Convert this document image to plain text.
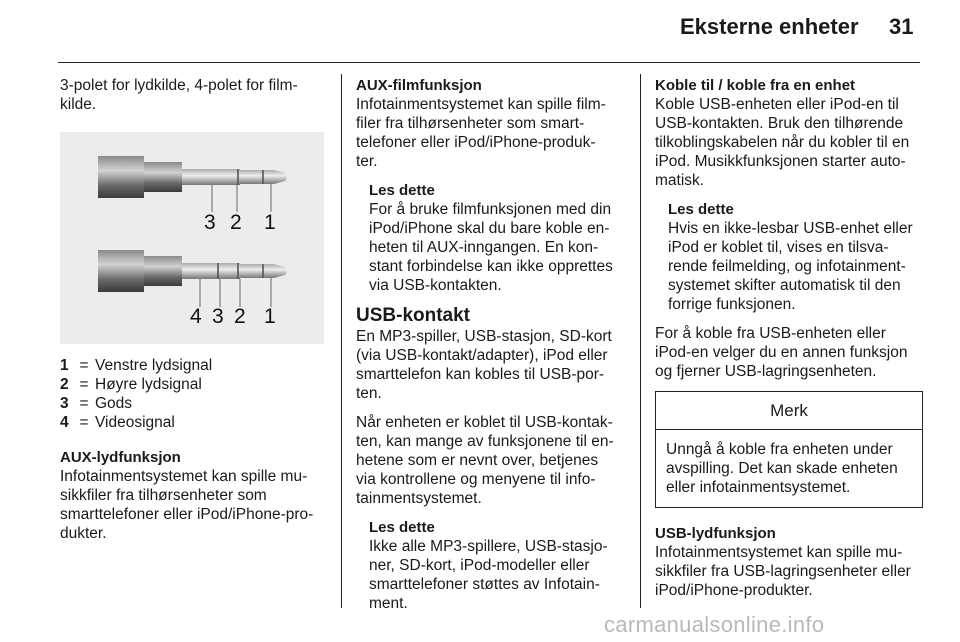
Eksterne enheter 31

3-polet for lydkilde, 4-polet for film-
kilde.

3 2 1
4 3 2 1
1 = Venstre lydsignal
2 = Høyre lydsignal
3 = Gods
4 = Videosignal
AUX-lydfunksjon

Infotainmentsystemet kan spille mu-
sikkfiler fra tilhørsenheter som
smarttelefoner eller iPod/iPhone-pro-
dukter.

AUX-filmfunksjon

Infotainmentsystemet kan spille film-
filer fra tilhørsenheter som smart-
telefoner eller iPod/iPhone-produk-
ter.

Les dette

For å bruke filmfunksjonen med din
iPod/iPhone skal du bare koble en-
heten til AUX-inngangen. En kon-
stant forbindelse kan ikke opprettes
via USB-kontakten.

USB-kontakt

En MP3-spiller, USB-stasjon, SD-kort
(via USB-kontakt/adapter), iPod eller
smarttelefon kan kobles til USB-por-
ten.

Når enheten er koblet til USB-kontak-
ten, kan mange av funksjonene til en-
hetene som er nevnt over, betjenes
via kontrollene og menyene til info-
tainmentsystemet.

Les dette

Ikke alle MP3-spillere, USB-stasjo-
ner, SD-kort, iPod-modeller eller
smarttelefoner støttes av Infotain-
ment.

Koble til / koble fra en enhet

Koble USB-enheten eller iPod-en til
USB-kontakten. Bruk den tilhørende
tilkoblingskabelen når du kobler til en
iPod. Musikkfunksjonen starter auto-
matisk.

Les dette

Hvis en ikke-lesbar USB-enhet eller
iPod er koblet til, vises en tilsva-
rende feilmelding, og infotainment-
systemet skifter automatisk til den
forrige funksjonen.

For å koble fra USB-enheten eller
iPod-en velger du en annen funksjon
og fjerner USB-lagringsenheten.

Merk
Unngå å koble fra enheten under
avspilling. Det kan skade enheten
eller infotainmentsystemet.
USB-lydfunksjon

Infotainmentsystemet kan spille mu-
sikkfiler fra USB-lagringsenheter eller
iPod/iPhone-produkter.

carmanualsonline.info
